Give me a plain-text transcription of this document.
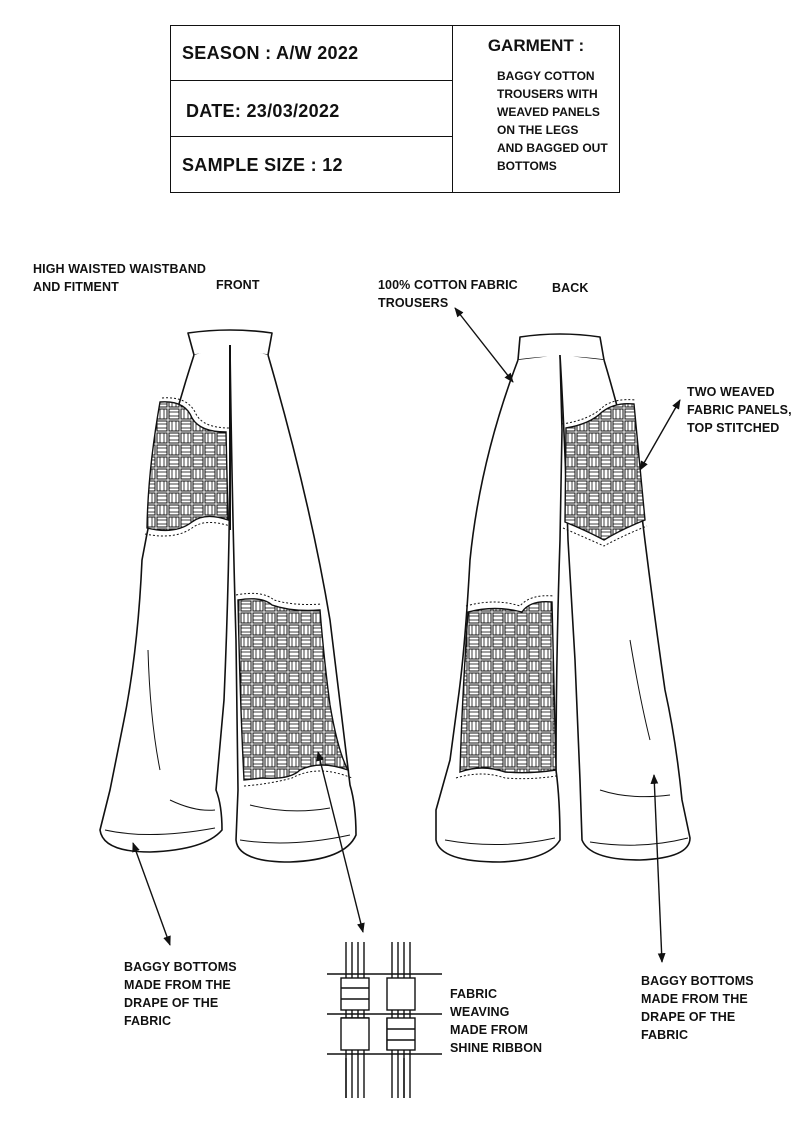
SEASON : A/W 2022
DATE: 23/03/2022
SAMPLE SIZE : 12
GARMENT :
BAGGY COTTON
TROUSERS WITH
WEAVED PANELS
ON THE LEGS
AND BAGGED OUT
BOTTOMS
FRONT	BACK
HIGH WAISTED WAISTBAND
AND FITMENT	100% COTTON FABRIC
TROUSERS
TWO WEAVED
FABRIC PANELS,
TOP STITCHED
BAGGY BOTTOMS
MADE FROM THE
DRAPE OF THE
FABRIC
FABRIC
WEAVING
MADE FROM
SHINE RIBBON
BAGGY BOTTOMS
MADE FROM THE
DRAPE OF THE
FABRIC
